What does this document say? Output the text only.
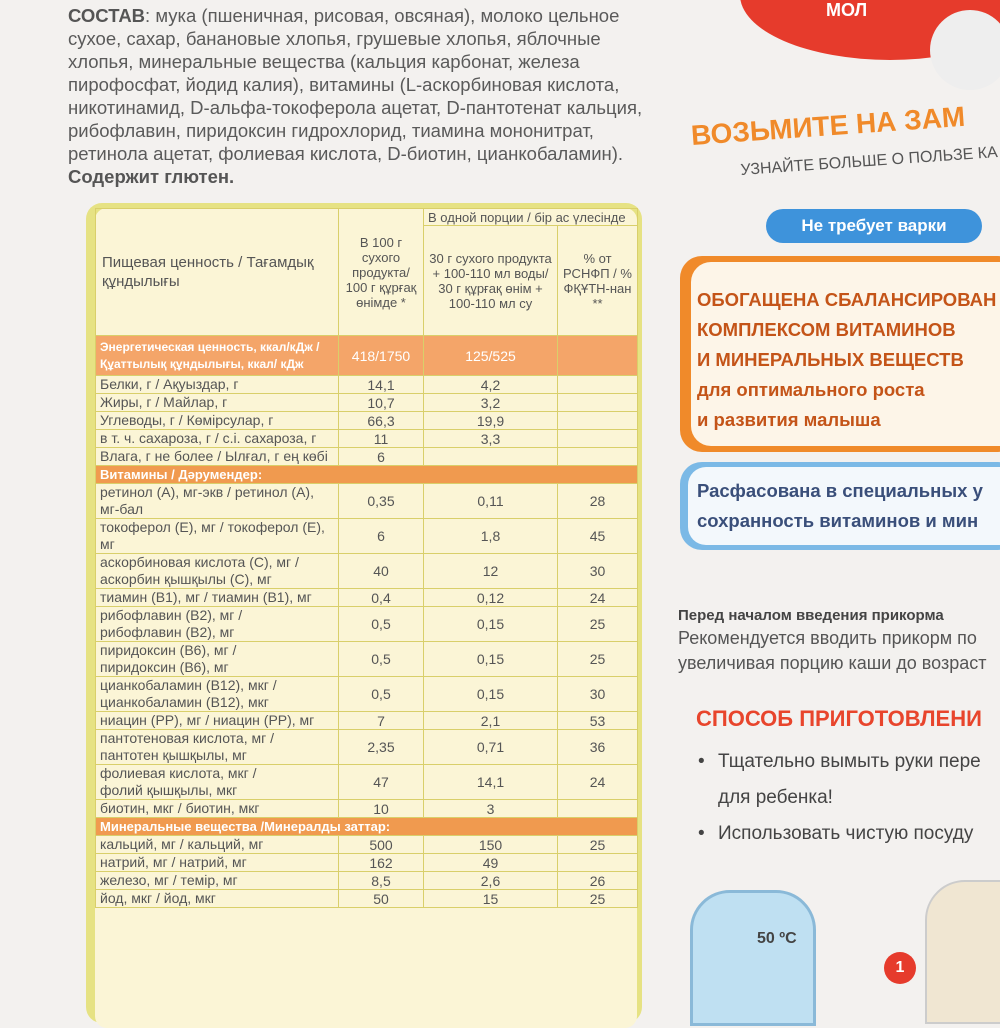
СОСТАВ: мука (пшеничная, рисовая, овсяная), молоко цельное
сухое, сахар, банановые хлопья, грушевые хлопья, яблочные
хлопья, минеральные вещества (кальция карбонат, железа
пирофосфат, йодид калия), витамины (L-аскорбиновая кислота,
никотинамид, D-альфа-токоферола ацетат, D-пантотенат кальция,
рибофлавин, пиридоксин гидрохлорид, тиамина мононитрат,
ретинола ацетат, фолиевая кислота, D-биотин, цианкобаламин).
Содержит глютен.
Пищевая ценность / Тағамдық құндылығы	В 100 г сухого продукта/ 100 г құрғақ өнімде *	В одной порции / бір ас үлесінде	
		30 г сухого продукта + 100-110 мл воды/ 30 г құрғақ өнім + 100-110 мл су	% от РСНФП / % ФҚҰТН-нан **

Энергетическая ценность, ккал/кДж /
Құаттылық құндылығы, ккал/ кДж	418/1750	125/525	
Белки, г / Ақуыздар, г	14,1	4,2	
Жиры, г / Майлар, г	10,7	3,2	
Углеводы, г / Көмірсулар, г	66,3	19,9	
в т. ч. сахароза, г / с.і. сахароза, г	11	3,3	
Влага, г не более / Ылғал, г ең көбі	6		
Витамины / Дәрумендер:			
ретинол (А), мг-экв / ретинол (А), мг-бал	0,35	0,11	28
токоферол (Е), мг / токоферол (Е), мг	6	1,8	45

аскорбиновая кислота (С), мг /
аскорбин қышқылы (С), мг	40	12	30
тиамин (В1), мг / тиамин (В1), мг	0,4	0,12	24

рибофлавин (В2), мг /
рибофлавин (В2), мг	0,5	0,15	25

пиридоксин (В6), мг /
пиридоксин (В6), мг	0,5	0,15	25

цианкобаламин (В12), мкг /
цианкобаламин (В12), мкг	0,5	0,15	30
ниацин (РР), мг / ниацин (РР), мг	7	2,1	53

пантотеновая кислота, мг /
пантотен қышқылы, мг	2,35	0,71	36

фолиевая кислота, мкг /
фолий қышқылы, мкг	47	14,1	24
биотин, мкг / биотин, мкг	10	3	
Минеральные вещества /Минералды заттар:			
кальций, мг / кальций, мг	500	150	25
натрий, мг / натрий, мг	162	49	
железо, мг / темір, мг	8,5	2,6	26
йод, мкг / йод, мкг	50	15	25
МОЛ
ВОЗЬМИТЕ НА ЗАМ
УЗНАЙТЕ БОЛЬШЕ О ПОЛЬЗЕ КА
Не требует варки
ОБОГАЩЕНА СБАЛАНСИРОВАН
КОМПЛЕКСОМ ВИТАМИНОВ
И МИНЕРАЛЬНЫХ ВЕЩЕСТВ
для оптимального роста
и развития малыша
Расфасована в специальных у
сохранность витаминов и мин
Перед началом введения прикорма
Рекомендуется вводить прикорм по
увеличивая порцию каши до возраст
СПОСОБ ПРИГОТОВЛЕНИ
• Тщательно вымыть руки пере
для ребенка!
• Использовать чистую посуду
50 ºC
1
